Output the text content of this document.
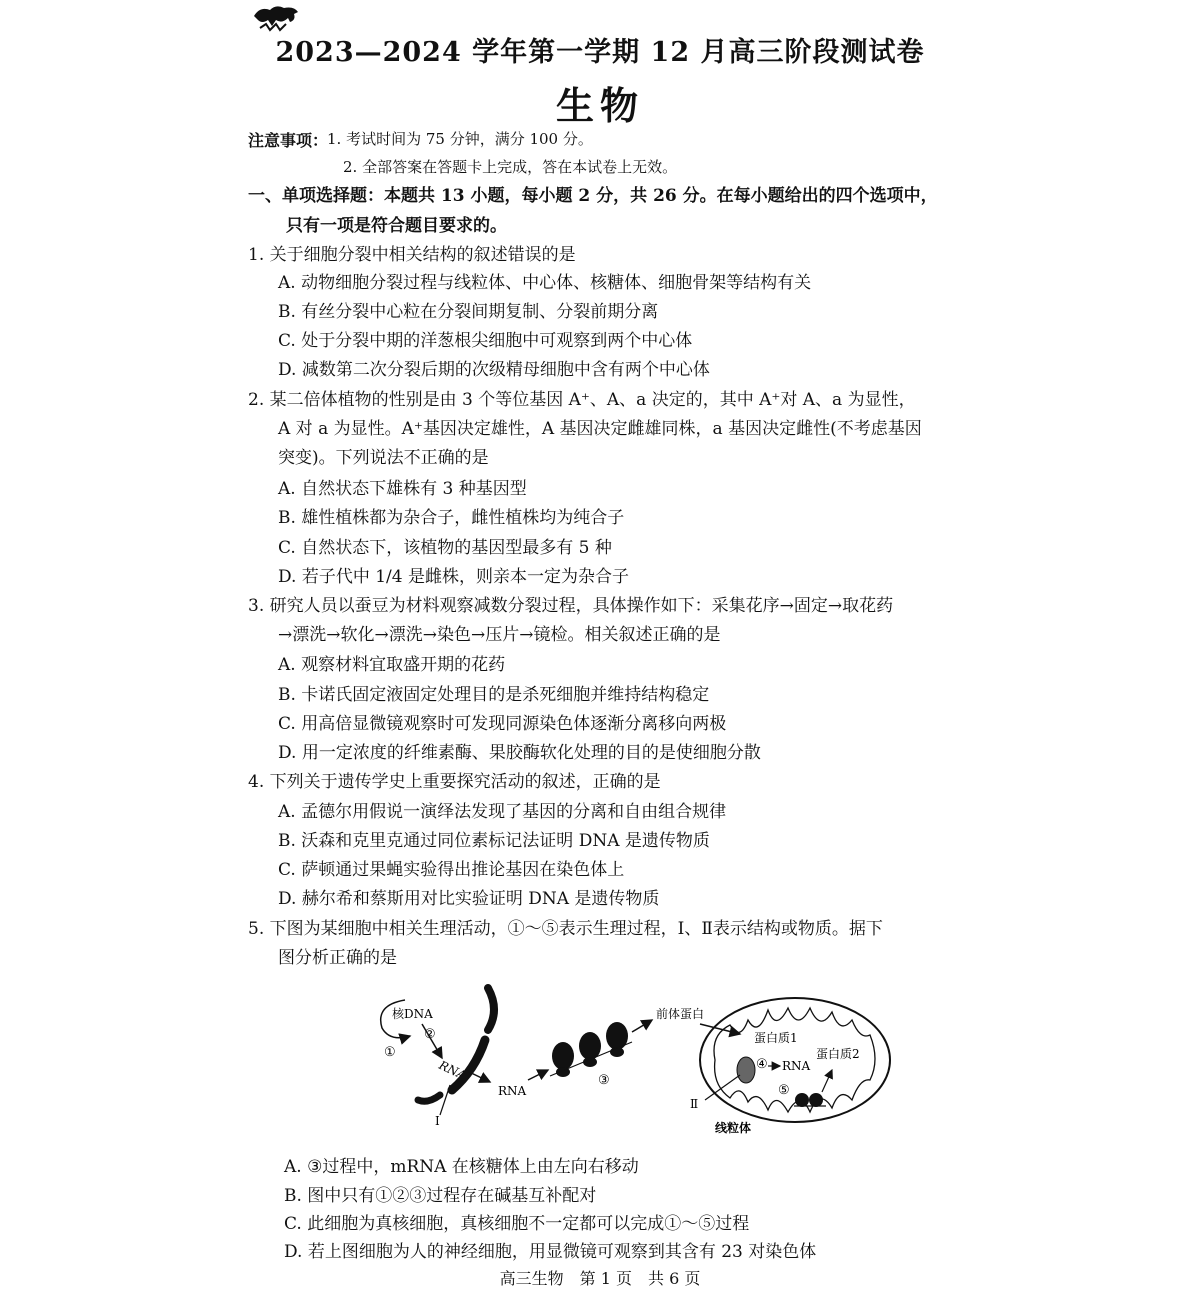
2023—2024 学年第一学期 12 月高三阶段测试卷
生物
注意事项：
1. 考试时间为 75 分钟，满分 100 分。
2. 全部答案在答题卡上完成，答在本试卷上无效。
一、单项选择题：本题共 13 小题，每小题 2 分，共 26 分。在每小题给出的四个选项中，
只有一项是符合题目要求的。
1. 关于细胞分裂中相关结构的叙述错误的是
A. 动物细胞分裂过程与线粒体、中心体、核糖体、细胞骨架等结构有关
B. 有丝分裂中心粒在分裂间期复制、分裂前期分离
C. 处于分裂中期的洋葱根尖细胞中可观察到两个中心体
D. 减数第二次分裂后期的次级精母细胞中含有两个中心体
2. 某二倍体植物的性别是由 3 个等位基因 A⁺、A、a 决定的，其中 A⁺对 A、a 为显性，
A 对 a 为显性。A⁺基因决定雄性，A 基因决定雌雄同株，a 基因决定雌性(不考虑基因
突变)。下列说法不正确的是
A. 自然状态下雄株有 3 种基因型
B. 雄性植株都为杂合子，雌性植株均为纯合子
C. 自然状态下，该植物的基因型最多有 5 种
D. 若子代中 1/4 是雌株，则亲本一定为杂合子
3. 研究人员以蚕豆为材料观察减数分裂过程，具体操作如下：采集花序→固定→取花药
→漂洗→软化→漂洗→染色→压片→镜检。相关叙述正确的是
A. 观察材料宜取盛开期的花药
B. 卡诺氏固定液固定处理目的是杀死细胞并维持结构稳定
C. 用高倍显微镜观察时可发现同源染色体逐渐分离移向两极
D. 用一定浓度的纤维素酶、果胶酶软化处理的目的是使细胞分散
4. 下列关于遗传学史上重要探究活动的叙述，正确的是
A. 孟德尔用假说一演绎法发现了基因的分离和自由组合规律
B. 沃森和克里克通过同位素标记法证明 DNA 是遗传物质
C. 萨顿通过果蝇实验得出推论基因在染色体上
D. 赫尔希和蔡斯用对比实验证明 DNA 是遗传物质
5. 下图为某细胞中相关生理活动，①～⑤表示生理过程，Ⅰ、Ⅱ表示结构或物质。据下
图分析正确的是
核DNA
①
②
RNA
Ⅰ
RNA
③
前体蛋白
蛋白质1
④ RNA
蛋白质2
⑤
Ⅱ
线粒体
A. ③过程中，mRNA 在核糖体上由左向右移动
B. 图中只有①②③过程存在碱基互补配对
C. 此细胞为真核细胞，真核细胞不一定都可以完成①～⑤过程
D. 若上图细胞为人的神经细胞，用显微镜可观察到其含有 23 对染色体
高三生物　第 1 页　共 6 页
